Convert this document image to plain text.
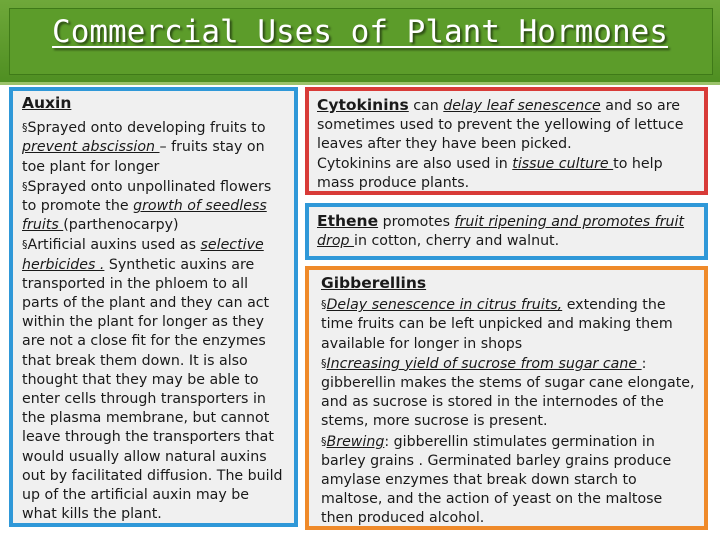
Commercial Uses of Plant Hormones
Auxin
§Sprayed onto developing fruits to prevent abscission – fruits stay on toe plant for longer
§Sprayed onto unpollinated flowers to promote the growth of seedless fruits (parthenocarpy)
§Artificial auxins used as selective herbicides . Synthetic auxins are transported in the phloem to all parts of the plant and they can act within the plant for longer as they are not a close fit for the enzymes that break them down. It is also thought that they may be able to enter cells through transporters in the plasma membrane, but cannot leave through the transporters that would usually allow natural auxins out by facilitated diffusion. The build up of the artificial auxin may be what kills the plant.
Cytokinins can delay leaf senescence and so are sometimes used to prevent the yellowing of lettuce leaves after they have been picked.
Cytokinins are also used in tissue culture to help mass produce plants.
Ethene promotes fruit ripening and promotes fruit drop in cotton, cherry and walnut.
Gibberellins
§Delay senescence in citrus fruits, extending the time fruits can be left unpicked and making them available for longer in shops
§Increasing yield of sucrose from sugar cane : gibberellin makes the stems of sugar cane elongate, and as sucrose is stored in the internodes of the stems, more sucrose is present.
§Brewing: gibberellin stimulates germination in barley grains . Germinated barley grains produce amylase enzymes that break down starch to maltose, and the action of yeast on the maltose then produced alcohol.
